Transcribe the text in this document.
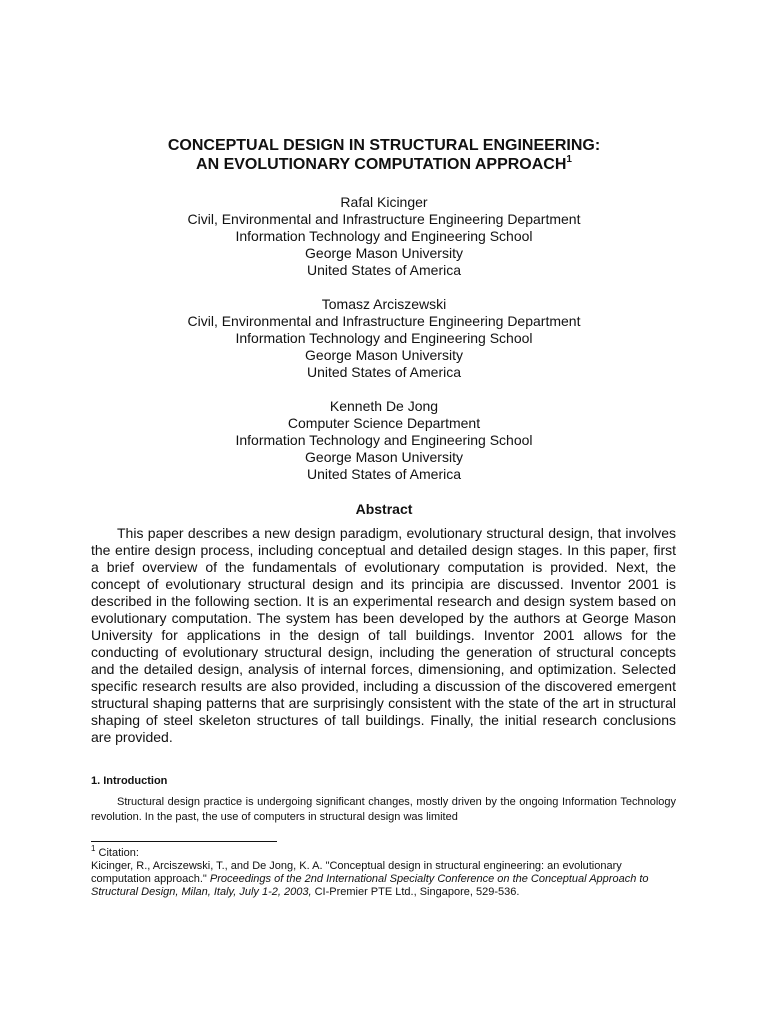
CONCEPTUAL DESIGN IN STRUCTURAL ENGINEERING:
AN EVOLUTIONARY COMPUTATION APPROACH$^1$
Rafal Kicinger
Civil, Environmental and Infrastructure Engineering Department
Information Technology and Engineering School
George Mason University
United States of America
Tomasz Arciszewski
Civil, Environmental and Infrastructure Engineering Department
Information Technology and Engineering School
George Mason University
United States of America
Kenneth De Jong
Computer Science Department
Information Technology and Engineering School
George Mason University
United States of America
Abstract

This paper describes a new design paradigm, evolutionary structural design, that involves the entire design process, including conceptual and detailed design stages. In this paper, first a brief overview of the fundamentals of evolutionary computation is provided. Next, the concept of evolutionary structural design and its principia are discussed. Inventor 2001 is described in the following section. It is an experimental research and design system based on evolutionary computation. The system has been developed by the authors at George Mason University for applications in the design of tall buildings. Inventor 2001 allows for the conducting of evolutionary structural design, including the generation of structural concepts and the detailed design, analysis of internal forces, dimensioning, and optimization. Selected specific research results are also provided, including a discussion of the discovered emergent structural shaping patterns that are surprisingly consistent with the state of the art in structural shaping of steel skeleton structures of tall buildings. Finally, the initial research conclusions are provided.

1. Introduction

Structural design practice is undergoing significant changes, mostly driven by the ongoing Information Technology revolution. In the past, the use of computers in structural design was limited

$^1$ Citation:
Kicinger, R., Arciszewski, T., and De Jong, K. A. "Conceptual design in structural engineering: an evolutionary computation approach." Proceedings of the 2nd International Specialty Conference on the Conceptual Approach to Structural Design, Milan, Italy, July 1-2, 2003, CI-Premier PTE Ltd., Singapore, 529-536.
